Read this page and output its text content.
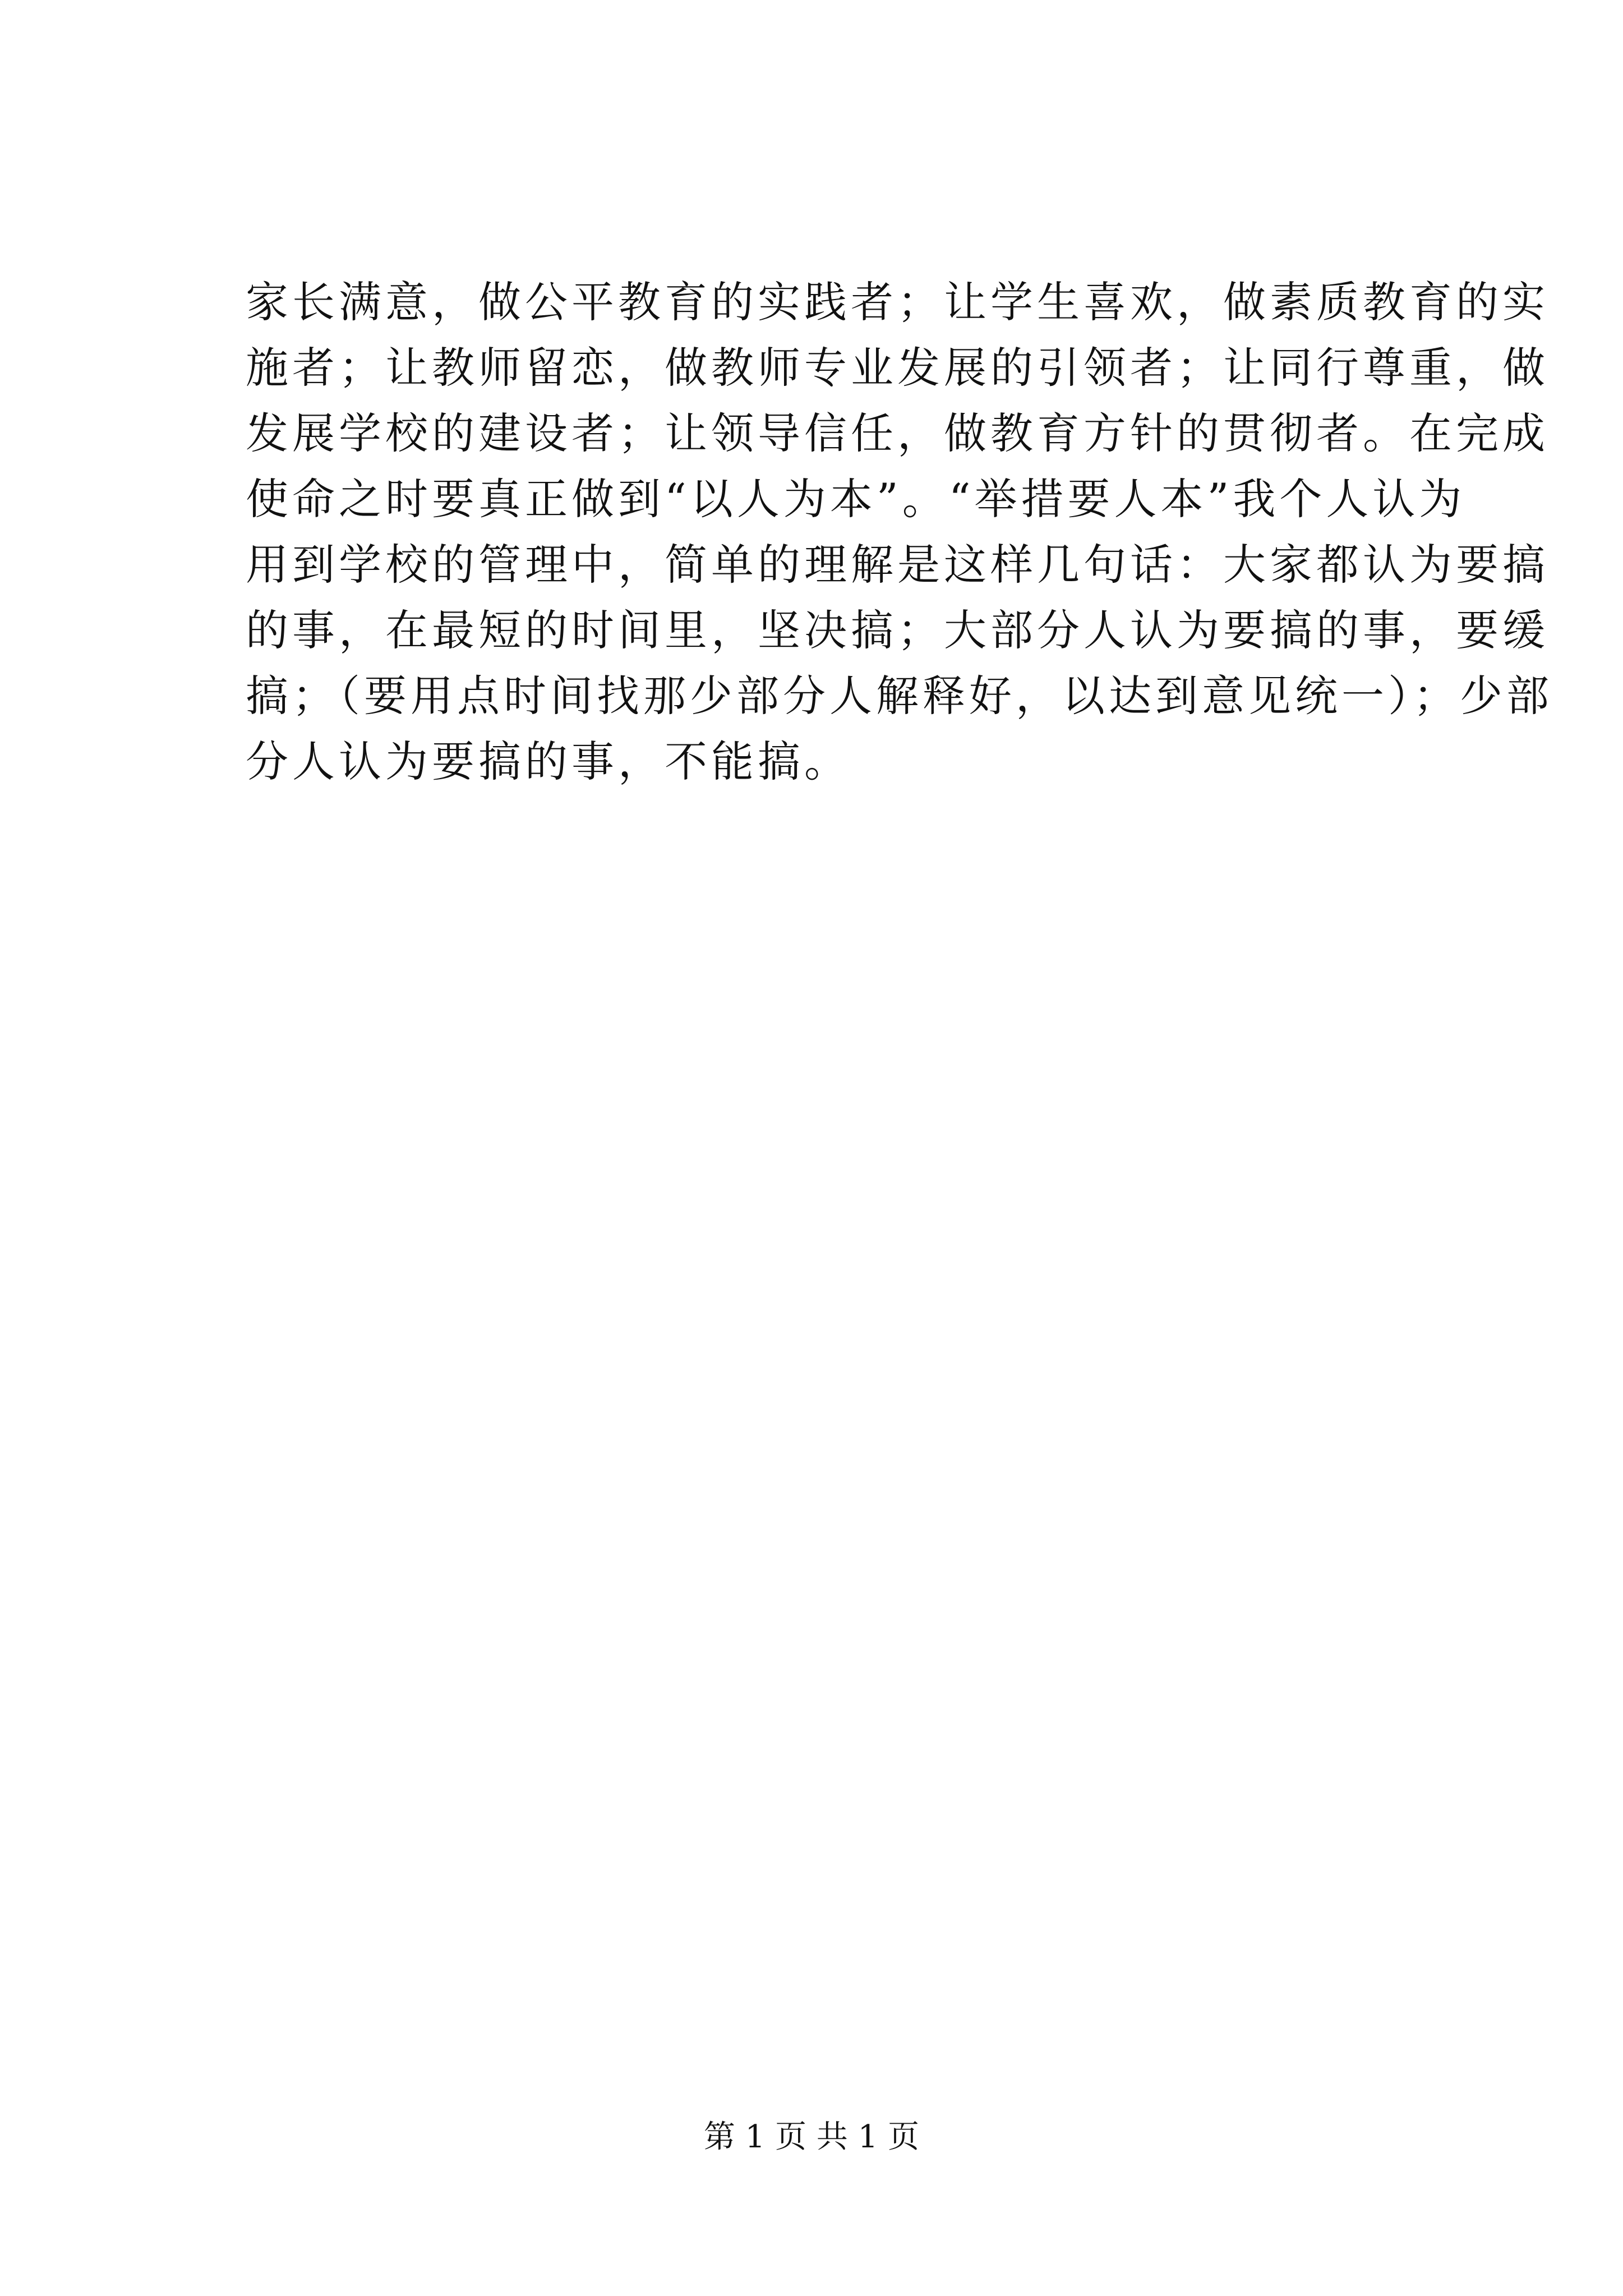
家长满意，做公平教育的实践者；让学生喜欢，做素质教育的实
施者；让教师留恋，做教师专业发展的引领者；让同行尊重，做
发展学校的建设者；让领导信任，做教育方针的贯彻者。在完成
使命之时要真正做到“以人为本”。“举措要人本”我个人认为
用到学校的管理中，简单的理解是这样几句话：大家都认为要搞
的事，在最短的时间里，坚决搞；大部分人认为要搞的事，要缓
搞；（要用点时间找那少部分人解释好，以达到意见统一）；少部
分人认为要搞的事，不能搞。
第 1 页 共 1 页
